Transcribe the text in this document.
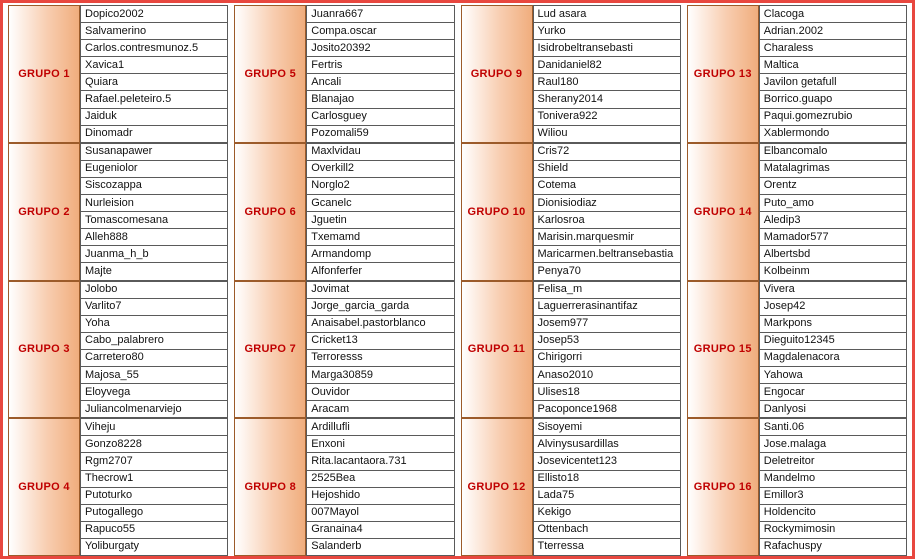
GRUPO 1
Dopico2002
Salvamerino
Carlos.contresmunoz.5
Xavica1
Quiara
Rafael.peleteiro.5
Jaiduk
Dinomadr
GRUPO 5
Juanra667
Compa.oscar
Josito20392
Fertris
Ancali
Blanajao
Carlosguey
Pozomali59
GRUPO 9
Lud asara
Yurko
Isidrobeltransebasti
Danidaniel82
Raul180
Sherany2014
Tonivera922
Wiliou
GRUPO 13
Clacoga
Adrian.2002
Charaless
Maltica
Javilon getafull
Borrico.guapo
Paqui.gomezrubio
Xablermondo
GRUPO 2
Susanapawer
Eugeniolor
Siscozappa
Nurleision
Tomascomesana
Alleh888
Juanma_h_b
Majte
GRUPO 6
Maxlvidau
Overkill2
Norglo2
Gcanelc
Jguetin
Txemamd
Armandomp
Alfonferfer
GRUPO 10
Cris72
Shield
Cotema
Dionisiodiaz
Karlosroa
Marisin.marquesmir
Maricarmen.beltransebastia
Penya70
GRUPO 14
Elbancomalo
Matalagrimas
Orentz
Puto_amo
Aledip3
Mamador577
Albertsbd
Kolbeinm
GRUPO 3
Jolobo
Varlito7
Yoha
Cabo_palabrero
Carretero80
Majosa_55
Eloyvega
Juliancolmenarviejo
GRUPO 7
Jovimat
Jorge_garcia_garda
Anaisabel.pastorblanco
Cricket13
Terroresss
Marga30859
Ouvidor
Aracam
GRUPO 11
Felisa_m
Laguerrerasinantifaz
Josem977
Josep53
Chirigorri
Anaso2010
Ulises18
Pacoponce1968
GRUPO 15
Vivera
Josep42
Markpons
Dieguito12345
Magdalenacora
Yahowa
Engocar
Danlyosi
GRUPO 4
Viheju
Gonzo8228
Rgm2707
Thecrow1
Putoturko
Putogallego
Rapuco55
Yoliburgaty
GRUPO 8
Ardillufli
Enxoni
Rita.lacantaora.731
2525Bea
Hejoshido
007Mayol
Granaina4
Salanderb
GRUPO 12
Sisoyemi
Alvinysusardillas
Josevicentet123
Ellisto18
Lada75
Kekigo
Ottenbach
Tterressa
GRUPO 16
Santi.06
Jose.malaga
Deletreitor
Mandelmo
Emillor3
Holdencito
Rockymimosin
Rafachuspy
